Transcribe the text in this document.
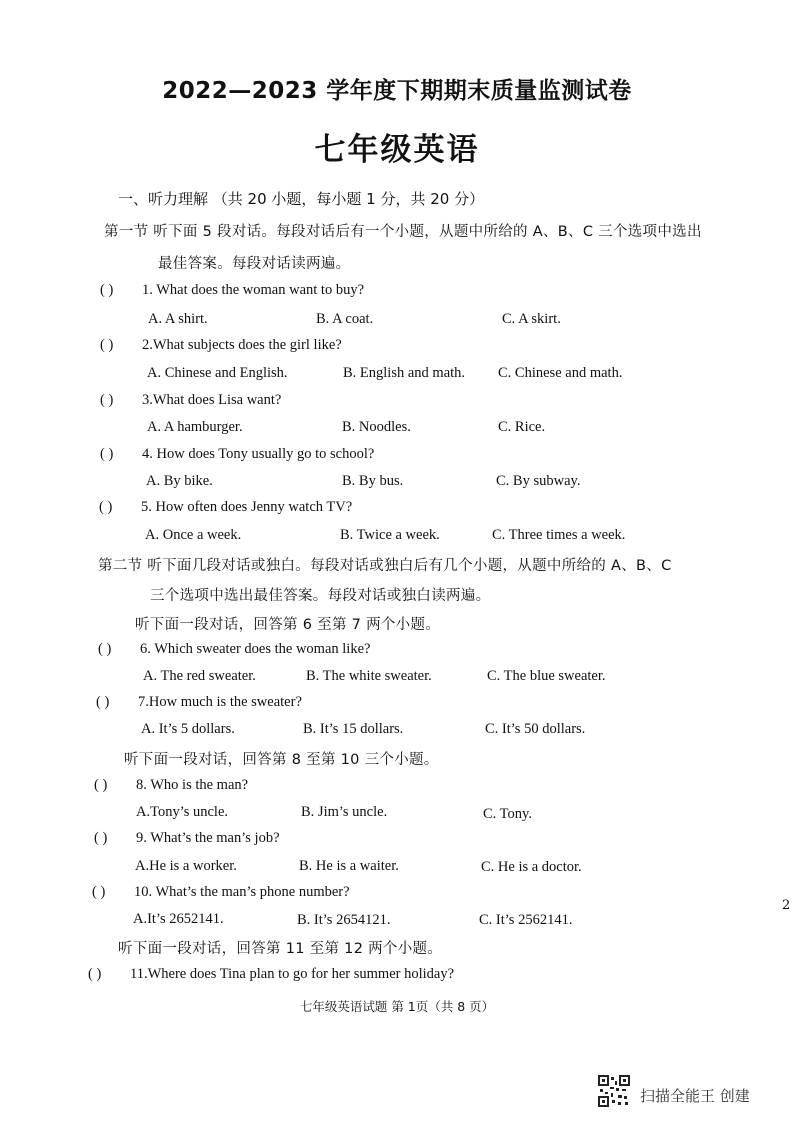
2022—2023 学年度下期期末质量监测试卷
七年级英语
一、听力理解 （共 20 小题，每小题 1 分，共 20 分）
第一节 听下面 5 段对话。每段对话后有一个小题，从题中所给的 A、B、C 三个选项中选出
最佳答案。每段对话读两遍。
( ) 1. What does the woman want to buy?
A. A shirt.	B. A coat.	C. A skirt.
( ) 2.What subjects does the girl like?
A. Chinese and English.	B. English and math. C. Chinese and math.
( ) 3.What does Lisa want?
A. A hamburger.	B. Noodles.	C. Rice.
( ) 4. How does Tony usually go to school?
A. By bike.	B. By bus.	C. By subway.
( ) 5. How often does Jenny watch TV?
A. Once a week.	B. Twice a week.	C. Three times a week.
第二节 听下面几段对话或独白。每段对话或独白后有几个小题，从题中所给的 A、B、C
三个选项中选出最佳答案。每段对话或独白读两遍。
听下面一段对话，回答第 6 至第 7 两个小题。
( ) 6. Which sweater does the woman like?
A. The red sweater.	B. The white sweater.	C. The blue sweater.
( ) 7.How much is the sweater?
A. It’s 5 dollars.	B. It’s 15 dollars.	C. It’s 50 dollars.
听下面一段对话，回答第 8 至第 10 三个小题。
( ) 8. Who is the man?
A.Tony’s uncle.	B. Jim’s uncle.	C. Tony.
( ) 9. What’s the man’s job?
A.He is a worker.	B. He is a waiter.	C. He is a doctor.
( ) 10. What’s the man’s phone number?
A.It’s 2652141.	B. It’s 2654121.	C. It’s 2562141.
听下面一段对话，回答第 11 至第 12 两个小题。
( ) 11.Where does Tina plan to go for her summer holiday?
七年级英语试题 第 1页（共 8 页）
2
扫描全能王 创建
